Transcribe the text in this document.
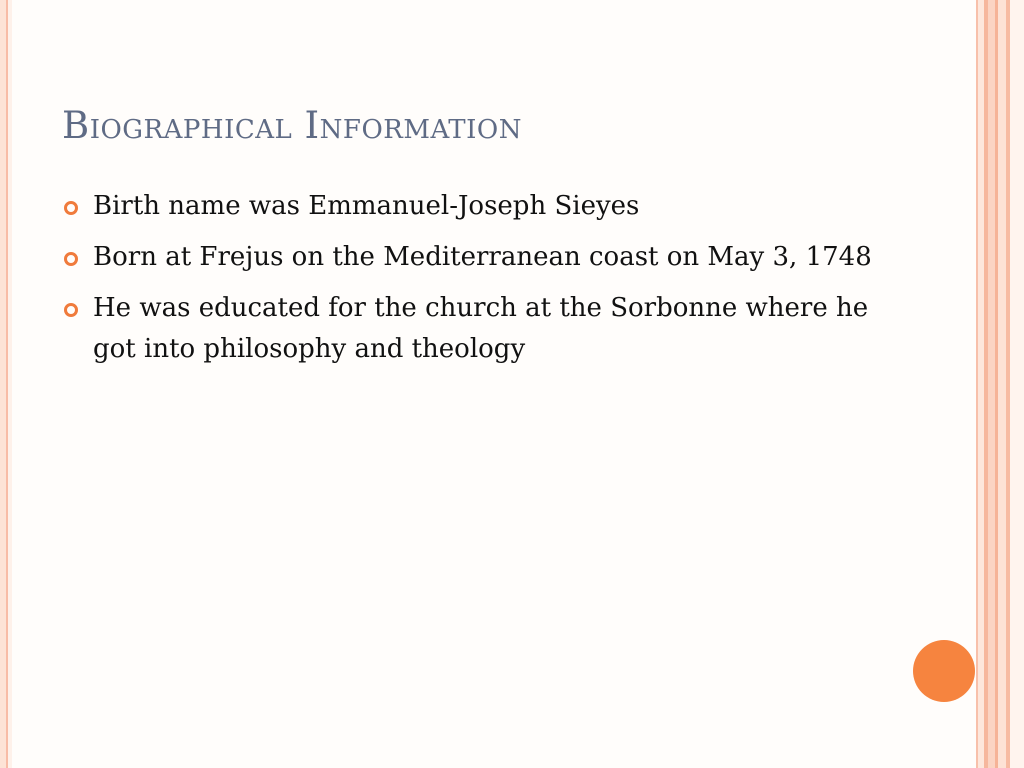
Biographical Information
Birth name was Emmanuel-Joseph Sieyes
Born at Frejus on the Mediterranean coast on May 3, 1748
He was educated for the church at the Sorbonne where he got into philosophy and theology
